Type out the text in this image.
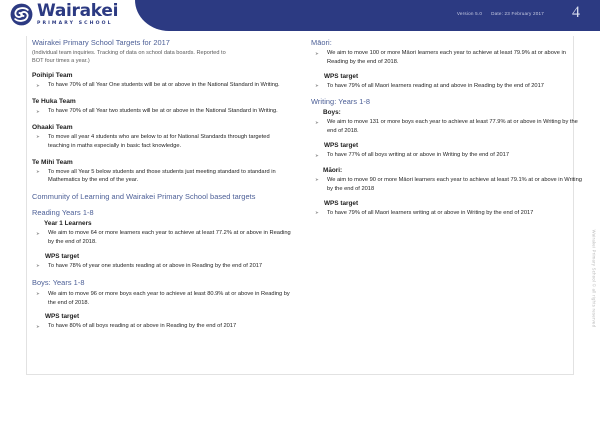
Wairakei
PRIMARY SCHOOL
Version 5.0 Date: 23 February 2017 4
Wairakei Primary School Targets for 2017
(Individual team inquiries. Tracking of data on school data boards. Reported to BOT four times a year.)
Poihipi Team
➤ To have 70% of all Year One students will be at or above in the National Standard in Writing.
Te Huka Team
➤ To have 70% of all Year two students will be at or above in the National Standard in Writing.
Ohaaki Team
➤ To move all year 4 students who are below to at for National Standards through targeted teaching in maths especially in basic fact knowledge.
Te Mihi Team
➤ To move all Year 5 below students and those students just meeting standard to standard in Mathematics by the end of the year.
Community of Learning and Wairakei Primary School based targets
Reading Years 1-8
Year 1 Learners
➤ We aim to move 64 or more learners each year to achieve at least 77.2% at or above in Reading by the end of 2018.
WPS target
➤ To have 78% of year one students reading at or above in Reading by the end of 2017
Boys: Years 1-8
➤ We aim to move 96 or more boys each year to achieve at least 80.9% at or above in Reading by the end of 2018.
WPS target
➤ To have 80% of all boys reading at or above in Reading by the end of 2017
Māori:
➤ We aim to move 100 or more Māori learners each year to achieve at least 79.9% at or above in Reading by the end of 2018.
WPS target
➤ To have 79% of all Maori learners reading at and above in Reading by the end of 2017
Writing: Years 1-8
Boys:
➤ We aim to move 131 or more boys each year to achieve at least 77.9% at or above in Writing by the end of 2018.
WPS target
➤ To have 77% of all boys writing at or above in Writing by the end of 2017
Māori:
➤ We aim to move 90 or more Māori learners each year to achieve at least 79.1% at or above in Writing by the end of 2018
WPS target
➤ To have 79% of all Maori learners writing at or above in Writing by the end of 2017
Wairakei Primary School © all rights reserved
